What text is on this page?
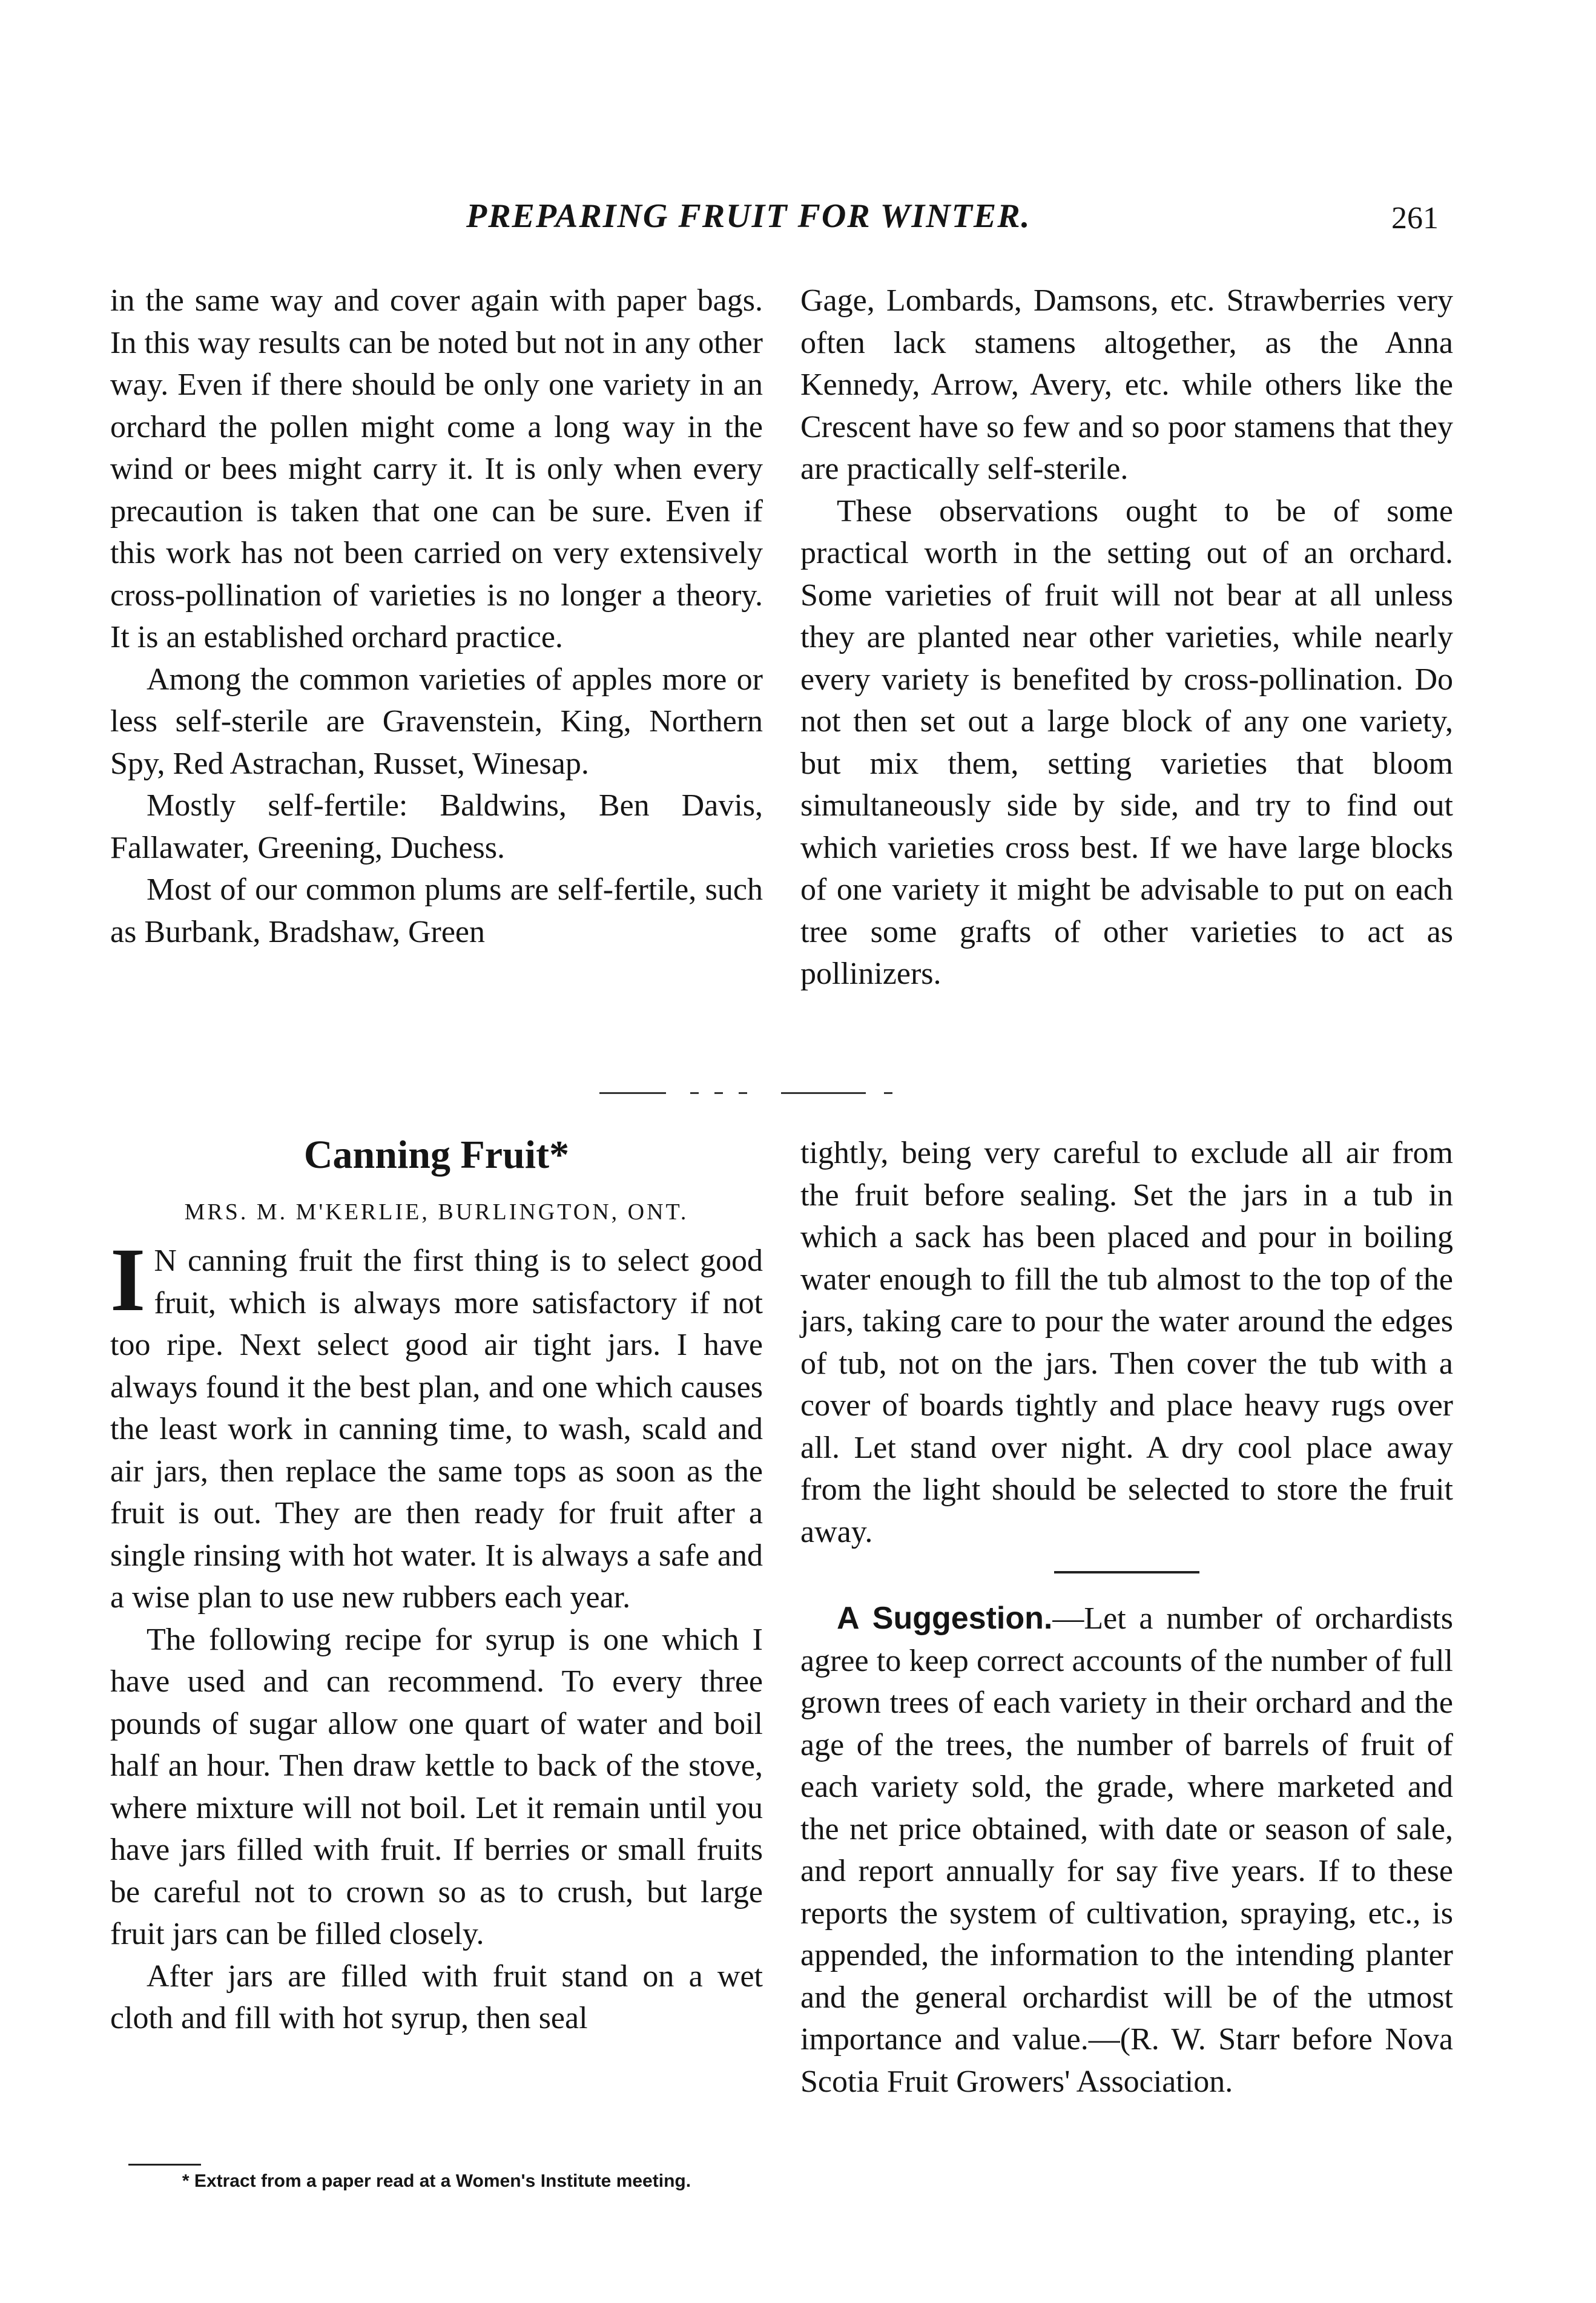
PREPARING FRUIT FOR WINTER.	261

in the same way and cover again with paper bags. In this way results can be noted but not in any other way. Even if there should be only one variety in an orchard the pollen might come a long way in the wind or bees might carry it. It is only when every precaution is taken that one can be sure. Even if this work has not been carried on very extensively cross-pollination of varieties is no longer a theory. It is an established orchard practice.

Among the common varieties of apples more or less self-sterile are Gravenstein, King, Northern Spy, Red Astrachan, Russet, Winesap.

Mostly self-fertile: Baldwins, Ben Davis, Fallawater, Greening, Duchess.

Most of our common plums are self-fertile, such as Burbank, Bradshaw, Green

Gage, Lombards, Damsons, etc. Strawberries very often lack stamens altogether, as the Anna Kennedy, Arrow, Avery, etc. while others like the Crescent have so few and so poor stamens that they are practically self-sterile.

These observations ought to be of some practical worth in the setting out of an orchard. Some varieties of fruit will not bear at all unless they are planted near other varieties, while nearly every variety is benefited by cross-pollination. Do not then set out a large block of any one variety, but mix them, setting varieties that bloom simultaneously side by side, and try to find out which varieties cross best. If we have large blocks of one variety it might be advisable to put on each tree some grafts of other varieties to act as pollinizers.

Canning Fruit*
MRS. M. M'KERLIE, BURLINGTON, ONT.

I N canning fruit the first thing is to select good fruit, which is always more satisfactory if not too ripe. Next select good air tight jars. I have always found it the best plan, and one which causes the least work in canning time, to wash, scald and air jars, then replace the same tops as soon as the fruit is out. They are then ready for fruit after a single rinsing with hot water. It is always a safe and a wise plan to use new rubbers each year.

The following recipe for syrup is one which I have used and can recommend. To every three pounds of sugar allow one quart of water and boil half an hour. Then draw kettle to back of the stove, where mixture will not boil. Let it remain until you have jars filled with fruit. If berries or small fruits be careful not to crown so as to crush, but large fruit jars can be filled closely.

After jars are filled with fruit stand on a wet cloth and fill with hot syrup, then seal

tightly, being very careful to exclude all air from the fruit before sealing. Set the jars in a tub in which a sack has been placed and pour in boiling water enough to fill the tub almost to the top of the jars, taking care to pour the water around the edges of tub, not on the jars. Then cover the tub with a cover of boards tightly and place heavy rugs over all. Let stand over night. A dry cool place away from the light should be selected to store the fruit away.

A Suggestion.—Let a number of orchardists agree to keep correct accounts of the number of full grown trees of each variety in their orchard and the age of the trees, the number of barrels of fruit of each variety sold, the grade, where marketed and the net price obtained, with date or season of sale, and report annually for say five years. If to these reports the system of cultivation, spraying, etc., is appended, the information to the intending planter and the general orchardist will be of the utmost importance and value.—(R. W. Starr before Nova Scotia Fruit Growers' Association.

* Extract from a paper read at a Women's Institute meeting.
